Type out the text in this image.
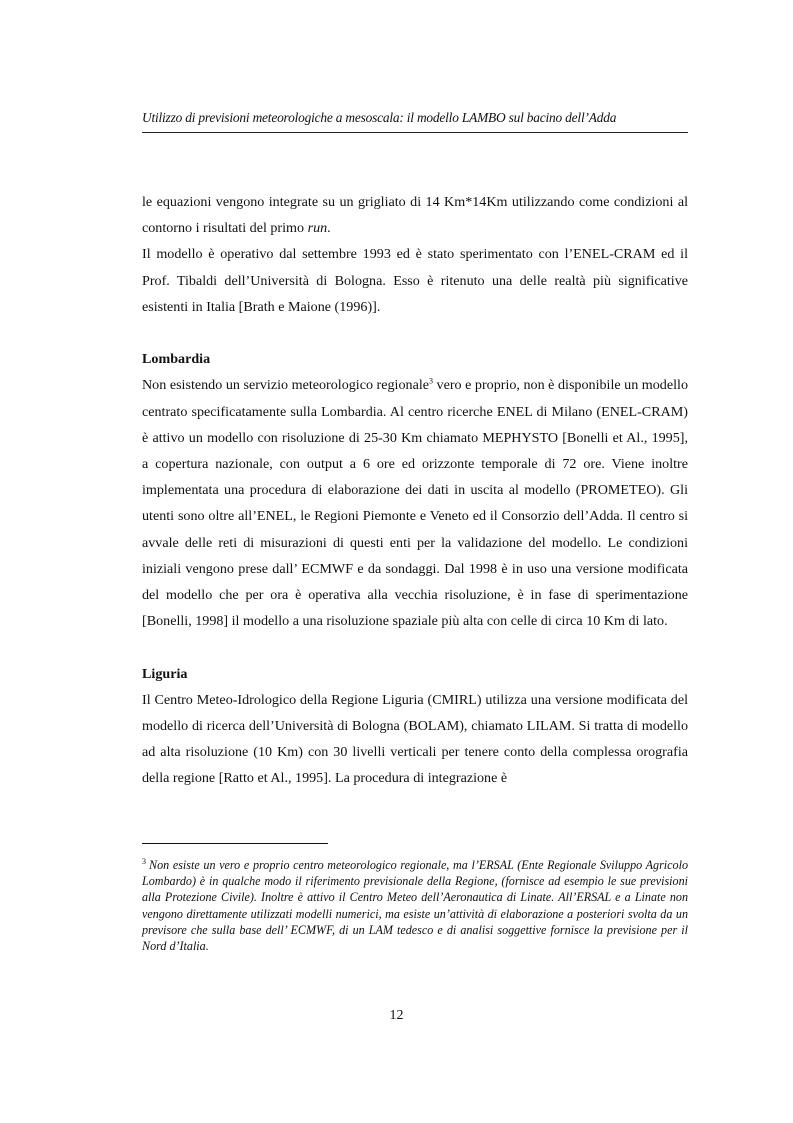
Utilizzo di previsioni meteorologiche a mesoscala: il modello LAMBO sul bacino dell’Adda

le equazioni vengono integrate su un grigliato di 14 Km*14Km utilizzando come condizioni al contorno i risultati del primo run.

Il modello è operativo dal settembre 1993 ed è stato sperimentato con l’ENEL-CRAM ed il Prof. Tibaldi dell’Università di Bologna. Esso è ritenuto una delle realtà più significative esistenti in Italia [Brath e Maione (1996)].

Lombardia

Non esistendo un servizio meteorologico regionale$^3$ vero e proprio, non è disponibile un modello centrato specificatamente sulla Lombardia. Al centro ricerche ENEL di Milano (ENEL-CRAM) è attivo un modello con risoluzione di 25-30 Km chiamato MEPHYSTO [Bonelli et Al., 1995], a copertura nazionale, con output a 6 ore ed orizzonte temporale di 72 ore. Viene inoltre implementata una procedura di elaborazione dei dati in uscita al modello (PROMETEO). Gli utenti sono oltre all’ENEL, le Regioni Piemonte e Veneto ed il Consorzio dell’Adda. Il centro si avvale delle reti di misurazioni di questi enti per la validazione del modello. Le condizioni iniziali vengono prese dall’ ECMWF e da sondaggi. Dal 1998 è in uso una versione modificata del modello che per ora è operativa alla vecchia risoluzione, è in fase di sperimentazione [Bonelli, 1998] il modello a una risoluzione spaziale più alta con celle di circa 10 Km di lato.

Liguria

Il Centro Meteo-Idrologico della Regione Liguria (CMIRL) utilizza una versione modificata del modello di ricerca dell’Università di Bologna (BOLAM), chiamato LILAM. Si tratta di modello ad alta risoluzione (10 Km) con 30 livelli verticali per tenere conto della complessa orografia della regione [Ratto et Al., 1995]. La procedura di integrazione è

$^3$ Non esiste un vero e proprio centro meteorologico regionale, ma l’ERSAL (Ente Regionale Sviluppo Agricolo Lombardo) è in qualche modo il riferimento previsionale della Regione, (fornisce ad esempio le sue previsioni alla Protezione Civile). Inoltre è attivo il Centro Meteo dell’Aeronautica di Linate. All’ERSAL e a Linate non vengono direttamente utilizzati modelli numerici, ma esiste un’attività di elaborazione a posteriori svolta da un previsore che sulla base dell’ ECMWF, di un LAM tedesco e di analisi soggettive fornisce la previsione per il Nord d’Italia.
12
